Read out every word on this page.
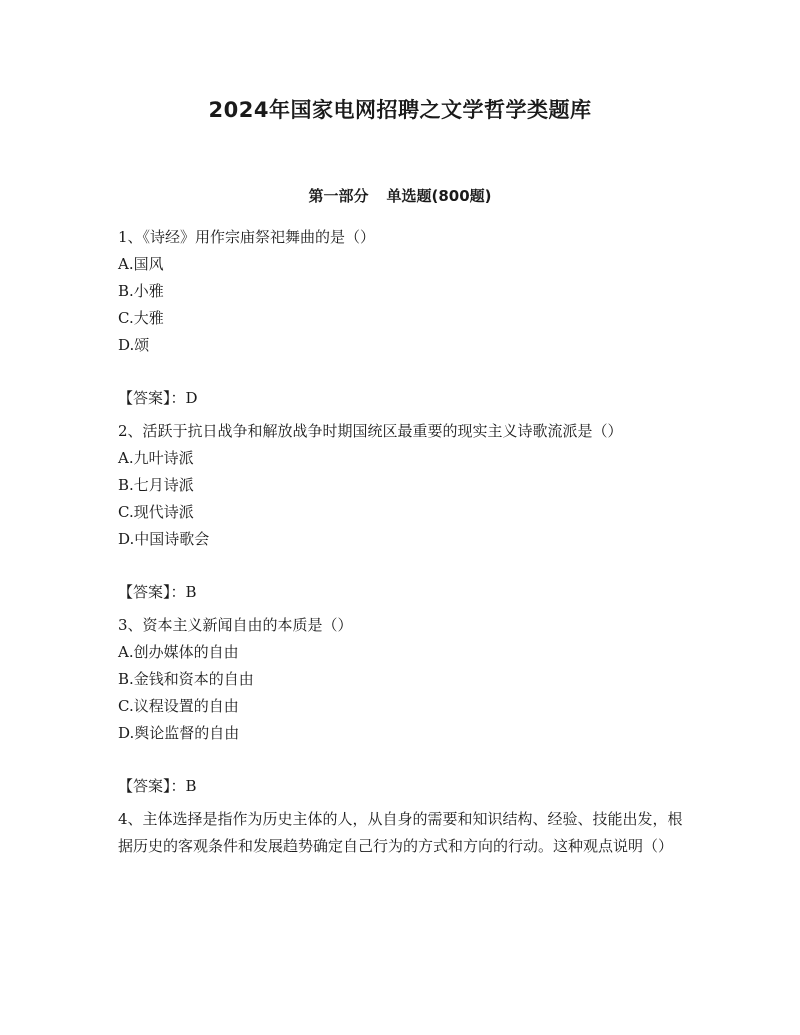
2024年国家电网招聘之文学哲学类题库
第一部分 单选题(800题)
1、《诗经》用作宗庙祭祀舞曲的是（）
A.国风
B.小雅
C.大雅
D.颂
【答案】：D
2、活跃于抗日战争和解放战争时期国统区最重要的现实主义诗歌流派是（）
A.九叶诗派
B.七月诗派
C.现代诗派
D.中国诗歌会
【答案】：B
3、资本主义新闻自由的本质是（）
A.创办媒体的自由
B.金钱和资本的自由
C.议程设置的自由
D.舆论监督的自由
【答案】：B
4、主体选择是指作为历史主体的人，从自身的需要和知识结构、经验、技能出发，根据历史的客观条件和发展趋势确定自己行为的方式和方向的行动。这种观点说明（）
